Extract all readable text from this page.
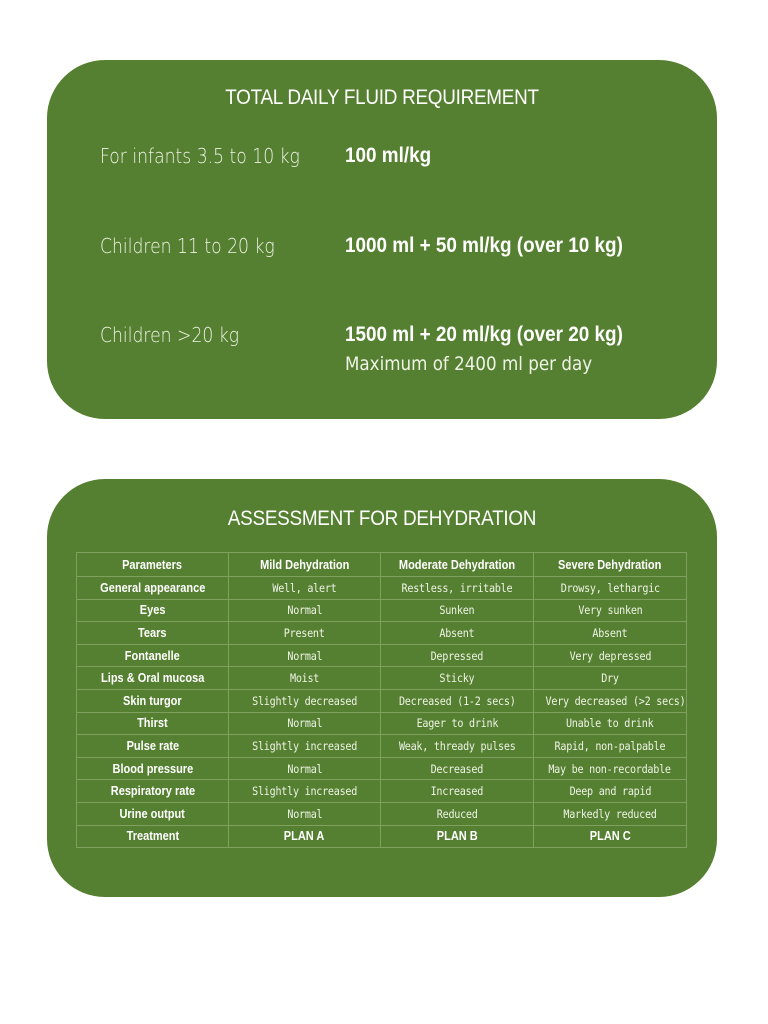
TOTAL DAILY FLUID REQUIREMENT
For infants 3.5 to 10 kg 100 ml/kg
Children 11 to 20 kg	1000 ml + 50 ml/kg (over 10 kg)
Children >20 kg	1500 ml + 20 ml/kg (over 20 kg)
Maximum of 2400 ml per day
ASSESSMENT FOR DEHYDRATION
Parameters	Mild Dehydration	Moderate Dehydration	Severe Dehydration
General appearance	Well, alert	Restless, irritable	Drowsy, lethargic
Eyes	Normal	Sunken	Very sunken
Tears	Present	Absent	Absent
Fontanelle	Normal	Depressed	Very depressed
Lips & Oral mucosa	Moist	Sticky	Dry
Skin turgor	Slightly decreased	Decreased (1-2 secs)	Very decreased (>2 secs)
Thirst	Normal	Eager to drink	Unable to drink
Pulse rate	Slightly increased	Weak, thready pulses	Rapid, non-palpable
Blood pressure	Normal	Decreased	May be non-recordable
Respiratory rate	Slightly increased	Increased	Deep and rapid
Urine output	Normal	Reduced	Markedly reduced
Treatment	PLAN A	PLAN B	PLAN C
